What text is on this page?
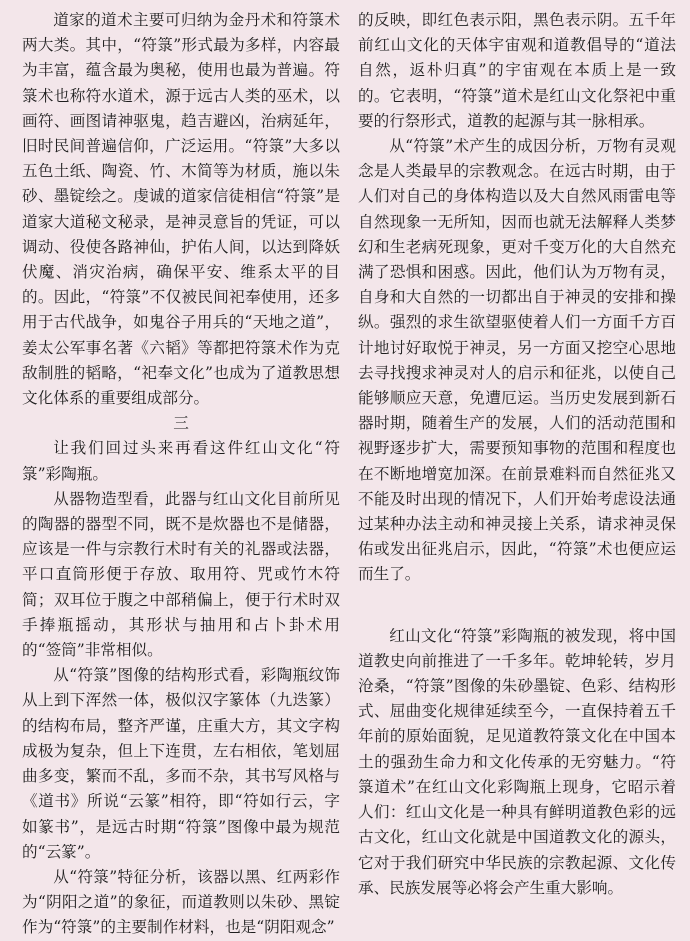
道家的道术主要可归纳为金丹术和符箓术两大类。其中，“符箓”形式最为多样，内容最为丰富，蕴含最为奥秘，使用也最为普遍。符箓术也称符水道术，源于远古人类的巫术，以画符、画图请神驱鬼，趋吉避凶，治病延年，旧时民间普遍信仰，广泛运用。“符箓”大多以五色土纸、陶瓷、竹、木简等为材质，施以朱砂、墨锭绘之。虔诚的道家信徒相信“符箓”是道家大道秘文秘录，是神灵意旨的凭证，可以调动、役使各路神仙，护佑人间，以达到降妖伏魔、消灾治病，确保平安、维系太平的目的。因此，“符箓”不仅被民间祀奉使用，还多用于古代战争，如鬼谷子用兵的“天地之道”，姜太公军事名著《六韬》等都把符箓术作为克敌制胜的韬略，“祀奉文化”也成为了道教思想文化体系的重要组成部分。

三

让我们回过头来再看这件红山文化“符箓”彩陶瓶。

从器物造型看，此器与红山文化目前所见的陶器的器型不同，既不是炊器也不是储器，应该是一件与宗教行术时有关的礼器或法器，平口直筒形便于存放、取用符、咒或竹木符简；双耳位于腹之中部稍偏上，便于行术时双手捧瓶摇动，其形状与抽用和占卜卦术用的“签筒”非常相似。

从“符箓”图像的结构形式看，彩陶瓶纹饰从上到下浑然一体，极似汉字篆体（九迭篆）的结构布局，整齐严谨，庄重大方，其文字构成极为复杂，但上下连贯，左右相依，笔划屈曲多变，繁而不乱，多而不杂，其书写风格与《道书》所说“云篆”相符，即“符如行云，字如篆书”，是远古时期“符箓”图像中最为规范的“云篆”。

从“符箓”特征分析，该器以黑、红两彩作为“阴阳之道”的象征，而道教则以朱砂、黑锭作为“符箓”的主要制作材料，也是“阴阳观念”

的反映，即红色表示阳，黑色表示阴。五千年前红山文化的天体宇宙观和道教倡导的“道法自然，返朴归真”的宇宙观在本质上是一致的。它表明，“符箓”道术是红山文化祭祀中重要的行祭形式，道教的起源与其一脉相承。

从“符箓”术产生的成因分析，万物有灵观念是人类最早的宗教观念。在远古时期，由于人们对自己的身体构造以及大自然风雨雷电等自然现象一无所知，因而也就无法解释人类梦幻和生老病死现象，更对千变万化的大自然充满了恐惧和困惑。因此，他们认为万物有灵，自身和大自然的一切都出自于神灵的安排和操纵。强烈的求生欲望驱使着人们一方面千方百计地讨好取悦于神灵，另一方面又挖空心思地去寻找搜求神灵对人的启示和征兆，以使自己能够顺应天意，免遭厄运。当历史发展到新石器时期，随着生产的发展，人们的活动范围和视野逐步扩大，需要预知事物的范围和程度也在不断地增宽加深。在前景难料而自然征兆又不能及时出现的情况下，人们开始考虑设法通过某种办法主动和神灵接上关系，请求神灵保佑或发出征兆启示，因此，“符箓”术也便应运而生了。

红山文化“符箓”彩陶瓶的被发现，将中国道教史向前推进了一千多年。乾坤轮转，岁月沧桑，“符箓”图像的朱砂墨锭、色彩、结构形式、屈曲变化规律延续至今，一直保持着五千年前的原始面貌，足见道教符箓文化在中国本土的强劲生命力和文化传承的无穷魅力。“符箓道术”在红山文化彩陶瓶上现身，它昭示着人们：红山文化是一种具有鲜明道教色彩的远古文化，红山文化就是中国道教文化的源头，它对于我们研究中华民族的宗教起源、文化传承、民族发展等必将会产生重大影响。
